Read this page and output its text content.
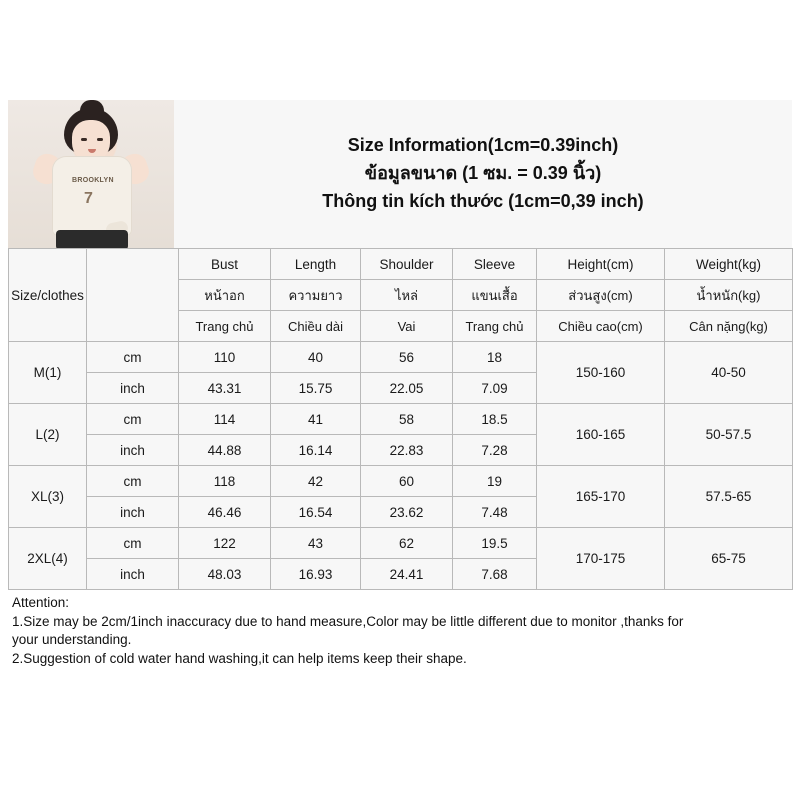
BROOKLYN
7
Size Information(1cm=0.39inch)
ข้อมูลขนาด (1 ซม. = 0.39 นิ้ว)
Thông tin kích thước (1cm=0,39 inch)
Size/clothes		Bust	Length	Shoulder	Sleeve	Height(cm)	Weight(kg)
		หน้าอก	ความยาว	ไหล่	แขนเสื้อ	ส่วนสูง(cm)	น้ำหนัก(kg)
		Trang chủ	Chiều dài	Vai	Trang chủ	Chiều cao(cm)	Cân nặng(kg)
M(1)	cm	110	40	56	18	150-160	40-50
	inch	43.31	15.75	22.05	7.09		
L(2)	cm	114	41	58	18.5	160-165	50-57.5
	inch	44.88	16.14	22.83	7.28		
XL(3)	cm	118	42	60	19	165-170	57.5-65
	inch	46.46	16.54	23.62	7.48		
2XL(4)	cm	122	43	62	19.5	170-175	65-75
	inch	48.03	16.93	24.41	7.68		

Attention:

1.Size may be 2cm/1inch inaccuracy due to hand measure,Color may be little different due to monitor ,thanks for

your understanding.

2.Suggestion of cold water hand washing,it can help items keep their shape.
